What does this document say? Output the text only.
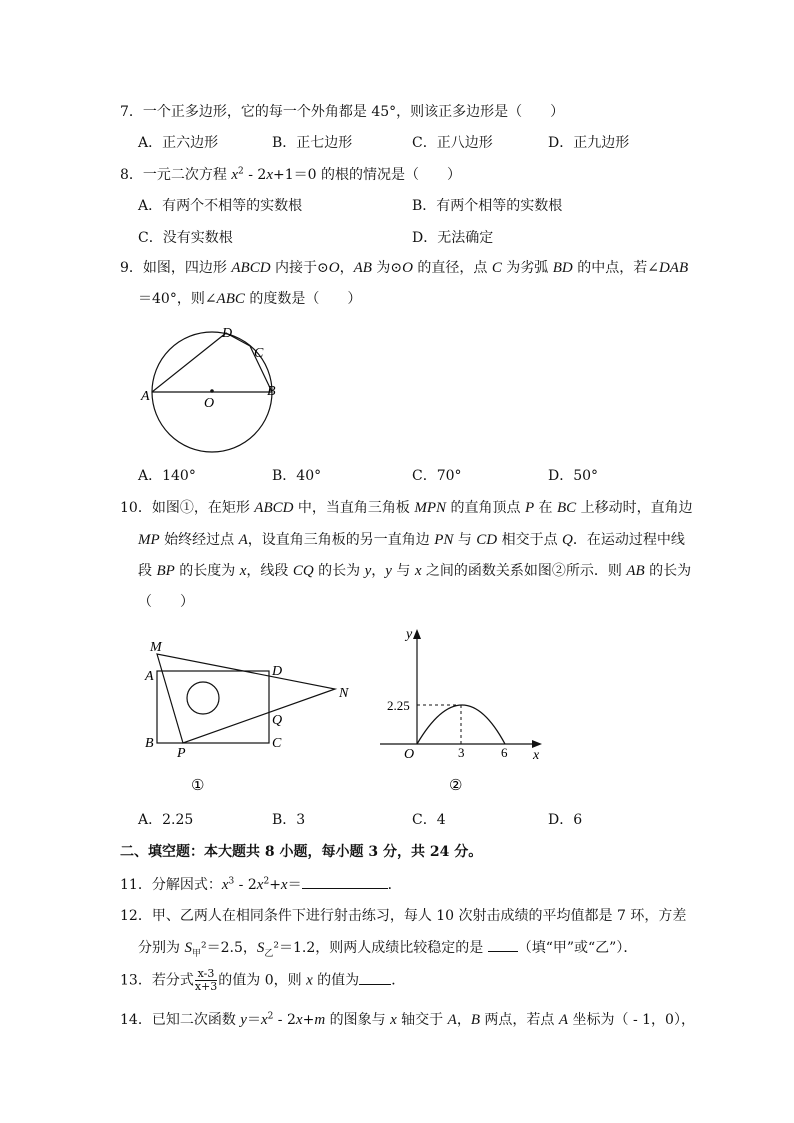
7．一个正多边形，它的每一个外角都是 45°，则该正多边形是（　　）
A．正六边形	B．正七边形	C．正八边形	D．正九边形
8．一元二次方程 $x^2 - 2x+1=0$ 的根的情况是（　　）
A．有两个不相等的实数根	B．有两个相等的实数根
C．没有实数根	D．无法确定
9．如图，四边形 ABCD 内接于⊙O，AB 为⊙O 的直径，点 C 为劣弧 BD 的中点，若∠DAB
＝40°，则∠ABC 的度数是（　　）
A	B
C
D
O
A．140°	B．40°	C．70°	D．50°
10．如图①，在矩形 ABCD 中，当直角三角板 MPN 的直角顶点 P 在 BC 上移动时，直角边
MP 始终经过点 A，设直角三角板的另一直角边 PN 与 CD 相交于点 Q．在运动过程中线
段 BP 的长度为 x，线段 CQ 的长为 y，y 与 x 之间的函数关系如图②所示．则 AB 的长为
（　　）
M
A	D
N
Q
B
P
C
①
y
x
O
2.25
3	6
②
A．2.25	B．3	C．4	D．6
二、填空题：本大题共 8 小题，每小题 3 分，共 24 分。
11．分解因式：$x^3 - 2x^2+x=$	．
12．甲、乙两人在相同条件下进行射击练习，每人 10 次射击成绩的平均值都是 7 环，方差
分别为 $S_甲^2=2.5$，$S_乙^2=1.2$，则两人成绩比较稳定的是 （填“甲”或“乙”）．
13．若分式 $\frac{x-3}{x+3}$ 的值为 0，则 x 的值为 ．
14．已知二次函数 $y=x^2 - 2x+m$ 的图象与 x 轴交于 A，B 两点，若点 A 坐标为（ - 1，0），
